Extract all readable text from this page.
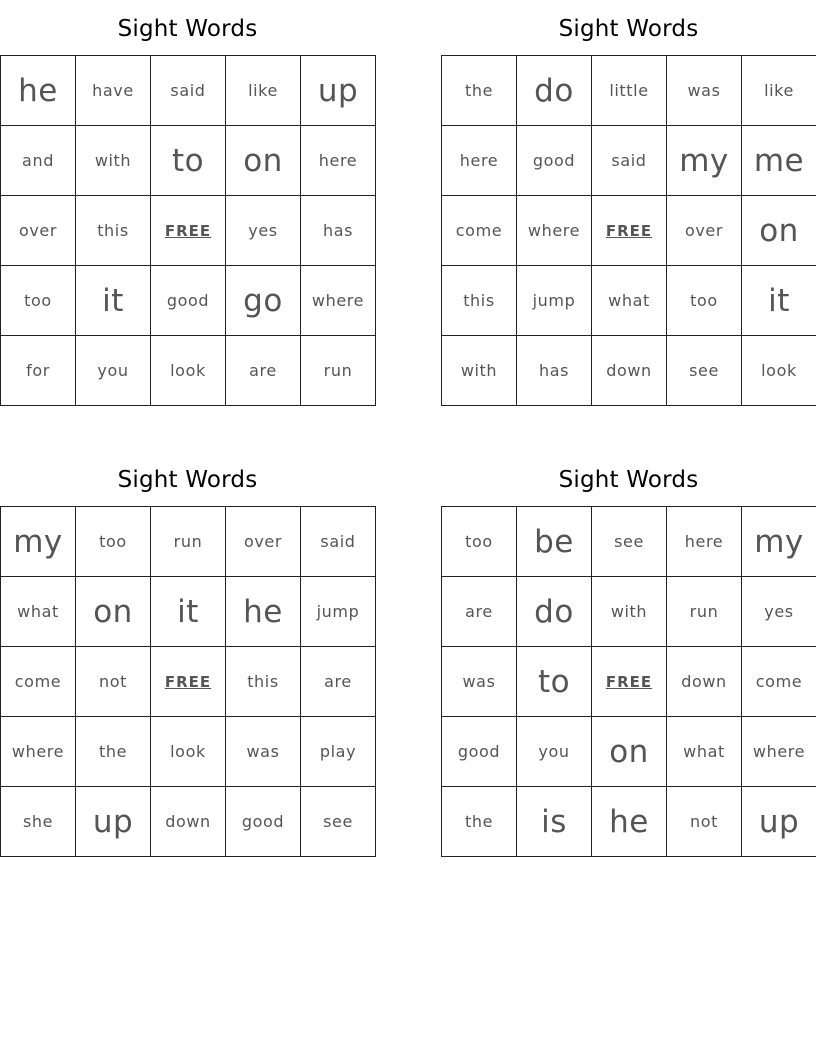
Sight Words
he	have	said	like	up
and	with	to	on	here
over	this	FREE	yes	has
too	it	good	go	where
for	you	look	are	run
Sight Words
the	do	little	was	like
here	good	said	my	me
come	where	FREE	over	on
this	jump	what	too	it
with	has	down	see	look
Sight Words
my	too	run	over	said
what	on	it	he	jump
come	not	FREE	this	are
where	the	look	was	play
she	up	down	good	see
Sight Words
too	be	see	here	my
are	do	with	run	yes
was	to	FREE	down	come
good	you	on	what	where
the	is	he	not	up
